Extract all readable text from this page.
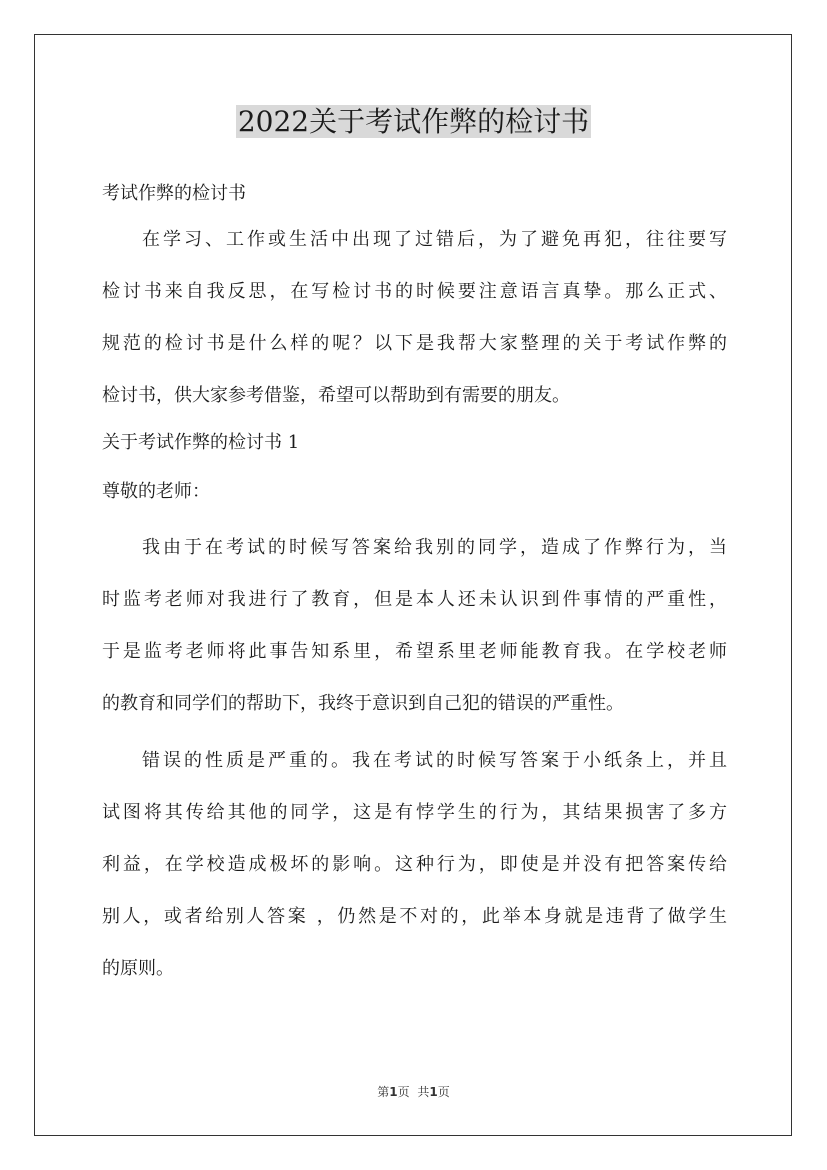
2022关于考试作弊的检讨书
考试作弊的检讨书
在学习、工作或生活中出现了过错后，为了避免再犯，往往要写
检讨书来自我反思，在写检讨书的时候要注意语言真挚。那么正式、
规范的检讨书是什么样的呢？以下是我帮大家整理的关于考试作弊的
检讨书，供大家参考借鉴，希望可以帮助到有需要的朋友。
关于考试作弊的检讨书 1
尊敬的老师：
我由于在考试的时候写答案给我别的同学，造成了作弊行为，当
时监考老师对我进行了教育，但是本人还未认识到件事情的严重性，
于是监考老师将此事告知系里，希望系里老师能教育我。在学校老师
的教育和同学们的帮助下，我终于意识到自己犯的错误的严重性。
错误的性质是严重的。我在考试的时候写答案于小纸条上，并且
试图将其传给其他的同学，这是有悖学生的行为，其结果损害了多方
利益，在学校造成极坏的影响。这种行为，即使是并没有把答案传给
别人，或者给别人答案 ，仍然是不对的，此举本身就是违背了做学生
的原则。
第1页 共1页
